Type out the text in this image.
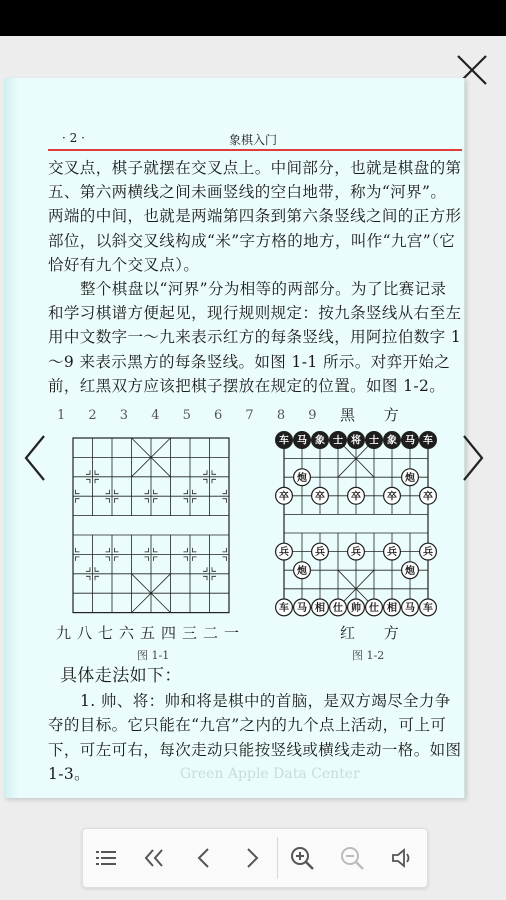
· 2 ·	象棋入门

交叉点，棋子就摆在交叉点上。中间部分，也就是棋盘的第五、第六两横线之间未画竖线的空白地带，称为“河界”。两端的中间，也就是两端第四条到第六条竖线之间的正方形部位，以斜交叉线构成“米”字方格的地方，叫作“九宫”（它恰好有九个交叉点）。

整个棋盘以“河界”分为相等的两部分。为了比赛记录和学习棋谱方便起见，现行规则规定：按九条竖线从右至左用中文数字一～九来表示红方的每条竖线，用阿拉伯数字 1～9 来表示黑方的每条竖线。如图 1-1 所示。对弈开始之前，红黑双方应该把棋子摆放在规定的位置。如图 1-2。

1 2 3 4 5 6 7 8 9 黑 方
车 马 象 士 将 士 象 马 车
炮	炮
卒	卒	卒	卒	卒
兵	兵	兵	兵	兵
炮	炮
车 马 相 仕 帅 仕 相 马 车
九八七六五四三二一	红 方
图 1-1	图 1-2

具体走法如下：

1. 帅、将：帅和将是棋中的首脑，是双方竭尽全力争夺的目标。它只能在“九宫”之内的九个点上活动，可上可下，可左可右，每次走动只能按竖线或横线走动一格。如图 1-3。	Green Apple Data Center
